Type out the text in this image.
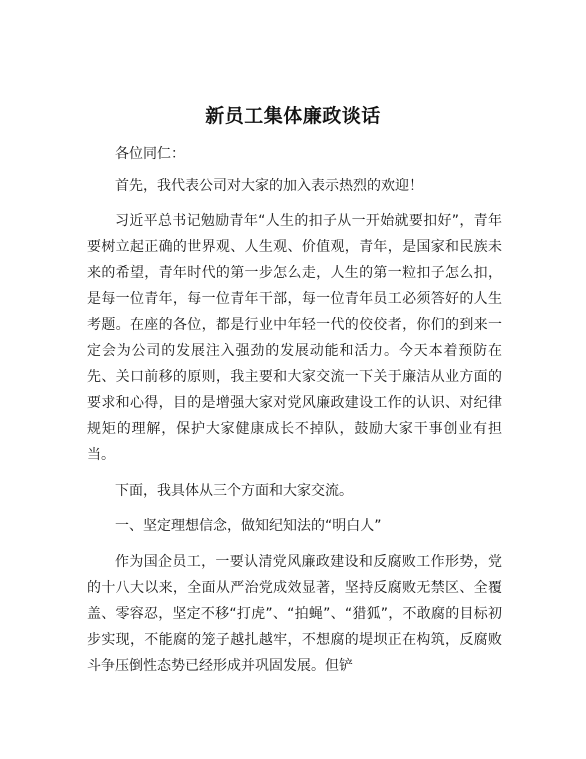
新员工集体廉政谈话

各位同仁：

首先，我代表公司对大家的加入表示热烈的欢迎！

习近平总书记勉励青年“人生的扣子从一开始就要扣好”，青年要树立起正确的世界观、人生观、价值观，青年，是国家和民族未来的希望，青年时代的第一步怎么走，人生的第一粒扣子怎么扣，是每一位青年，每一位青年干部，每一位青年员工必须答好的人生考题。在座的各位，都是行业中年轻一代的佼佼者，你们的到来一定会为公司的发展注入强劲的发展动能和活力。今天本着预防在先、关口前移的原则，我主要和大家交流一下关于廉洁从业方面的要求和心得，目的是增强大家对党风廉政建设工作的认识、对纪律规矩的理解，保护大家健康成长不掉队，鼓励大家干事创业有担当。

下面，我具体从三个方面和大家交流。

一、坚定理想信念，做知纪知法的“明白人”

作为国企员工，一要认清党风廉政建设和反腐败工作形势，党的十八大以来，全面从严治党成效显著，坚持反腐败无禁区、全覆盖、零容忍，坚定不移“打虎”、“拍蝇”、“猎狐”，不敢腐的目标初步实现，不能腐的笼子越扎越牢，不想腐的堤坝正在构筑，反腐败斗争压倒性态势已经形成并巩固发展。但铲
